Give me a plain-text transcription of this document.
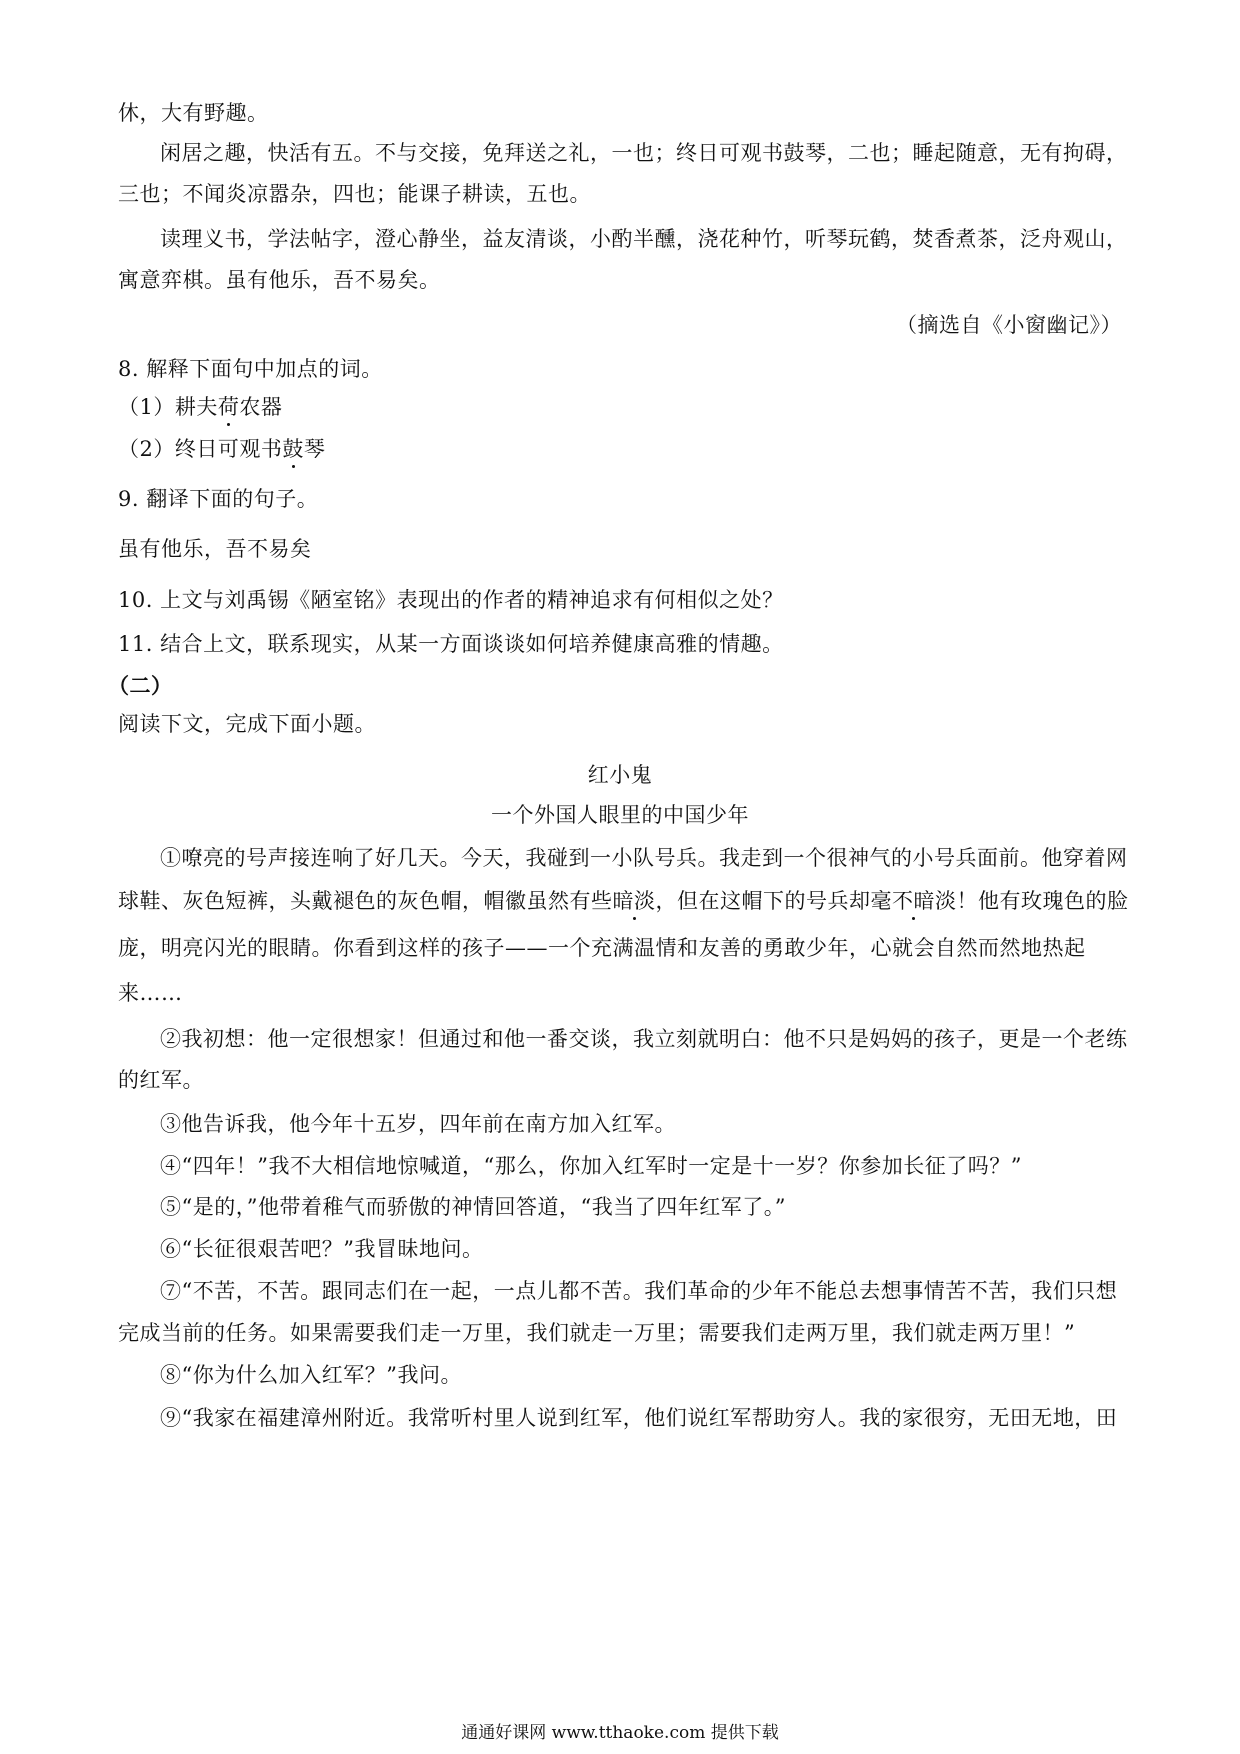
休，大有野趣。
闲居之趣，快活有五。不与交接，免拜送之礼，一也；终日可观书鼓琴，二也；睡起随意，无有拘碍，
三也；不闻炎凉嚣杂，四也；能课子耕读，五也。
读理义书，学法帖字，澄心静坐，益友清谈，小酌半醺，浇花种竹，听琴玩鹤，焚香煮茶，泛舟观山，
寓意弈棋。虽有他乐，吾不易矣。
（摘选自《小窗幽记》）
8. 解释下面句中加点的词。
（1）耕夫荷农器
（2）终日可观书鼓琴
9. 翻译下面的句子。
虽有他乐，吾不易矣
10. 上文与刘禹锡《陋室铭》表现出的作者的精神追求有何相似之处？
11. 结合上文，联系现实，从某一方面谈谈如何培养健康高雅的情趣。
（二）
阅读下文，完成下面小题。
红小鬼
一个外国人眼里的中国少年
①嘹亮的号声接连响了好几天。今天，我碰到一小队号兵。我走到一个很神气的小号兵面前。他穿着网
球鞋、灰色短裤，头戴褪色的灰色帽，帽徽虽然有些暗淡，但在这帽下的号兵却毫不暗淡！他有玫瑰色的脸
庞，明亮闪光的眼睛。你看到这样的孩子——一个充满温情和友善的勇敢少年，心就会自然而然地热起
来……
②我初想：他一定很想家！但通过和他一番交谈，我立刻就明白：他不只是妈妈的孩子，更是一个老练
的红军。
③他告诉我，他今年十五岁，四年前在南方加入红军。
④“四年！”我不大相信地惊喊道，“那么，你加入红军时一定是十一岁？你参加长征了吗？”
⑤“是的，”他带着稚气而骄傲的神情回答道，“我当了四年红军了。”
⑥“长征很艰苦吧？”我冒昧地问。
⑦“不苦，不苦。跟同志们在一起，一点儿都不苦。我们革命的少年不能总去想事情苦不苦，我们只想
完成当前的任务。如果需要我们走一万里，我们就走一万里；需要我们走两万里，我们就走两万里！”
⑧“你为什么加入红军？”我问。
⑨“我家在福建漳州附近。我常听村里人说到红军，他们说红军帮助穷人。我的家很穷，无田无地，田
通通好课网 www.tthaoke.com 提供下载
